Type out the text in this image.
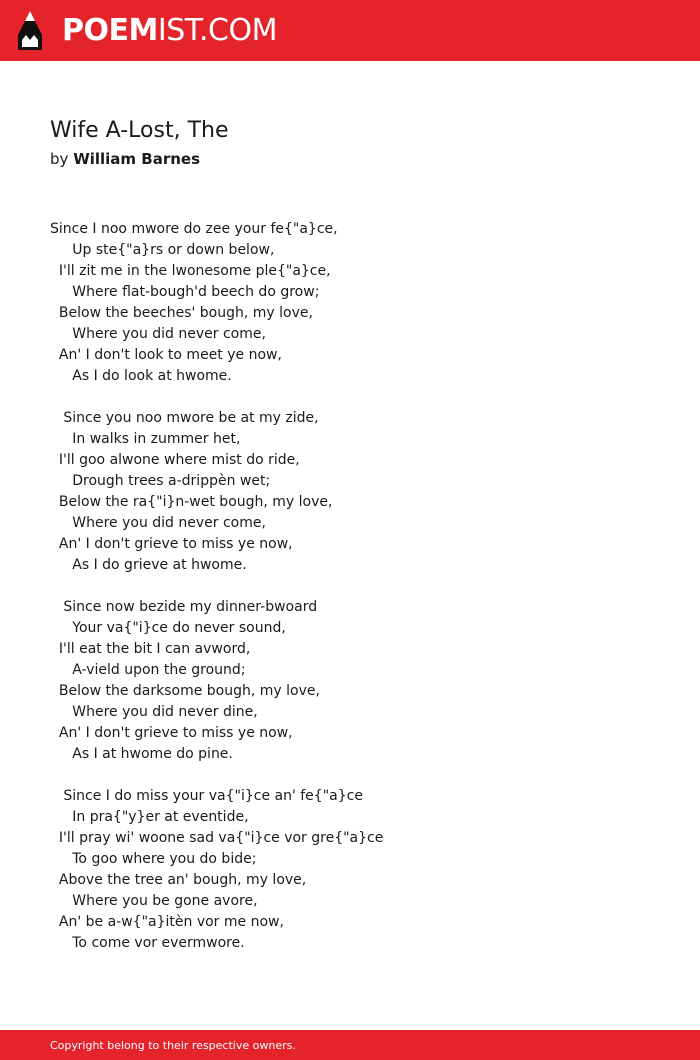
POEMIST.COM
Wife A-Lost, The
by William Barnes
Since I noo mwore do zee your fe{"a}ce,
Up ste{"a}rs or down below,
I'll zit me in the lwonesome ple{"a}ce,
Where flat-bough'd beech do grow;
Below the beeches' bough, my love,
Where you did never come,
An' I don't look to meet ye now,
As I do look at hwome.
Since you noo mwore be at my zide,
In walks in zummer het,
I'll goo alwone where mist do ride,
Drough trees a-drippèn wet;
Below the ra{"i}n-wet bough, my love,
Where you did never come,
An' I don't grieve to miss ye now,
As I do grieve at hwome.
Since now bezide my dinner-bwoard
Your va{"i}ce do never sound,
I'll eat the bit I can avword,
A-vield upon the ground;
Below the darksome bough, my love,
Where you did never dine,
An' I don't grieve to miss ye now,
As I at hwome do pine.
Since I do miss your va{"i}ce an' fe{"a}ce
In pra{"y}er at eventide,
I'll pray wi' woone sad va{"i}ce vor gre{"a}ce
To goo where you do bide;
Above the tree an' bough, my love,
Where you be gone avore,
An' be a-w{"a}itèn vor me now,
To come vor evermwore.
Copyright belong to their respective owners.
